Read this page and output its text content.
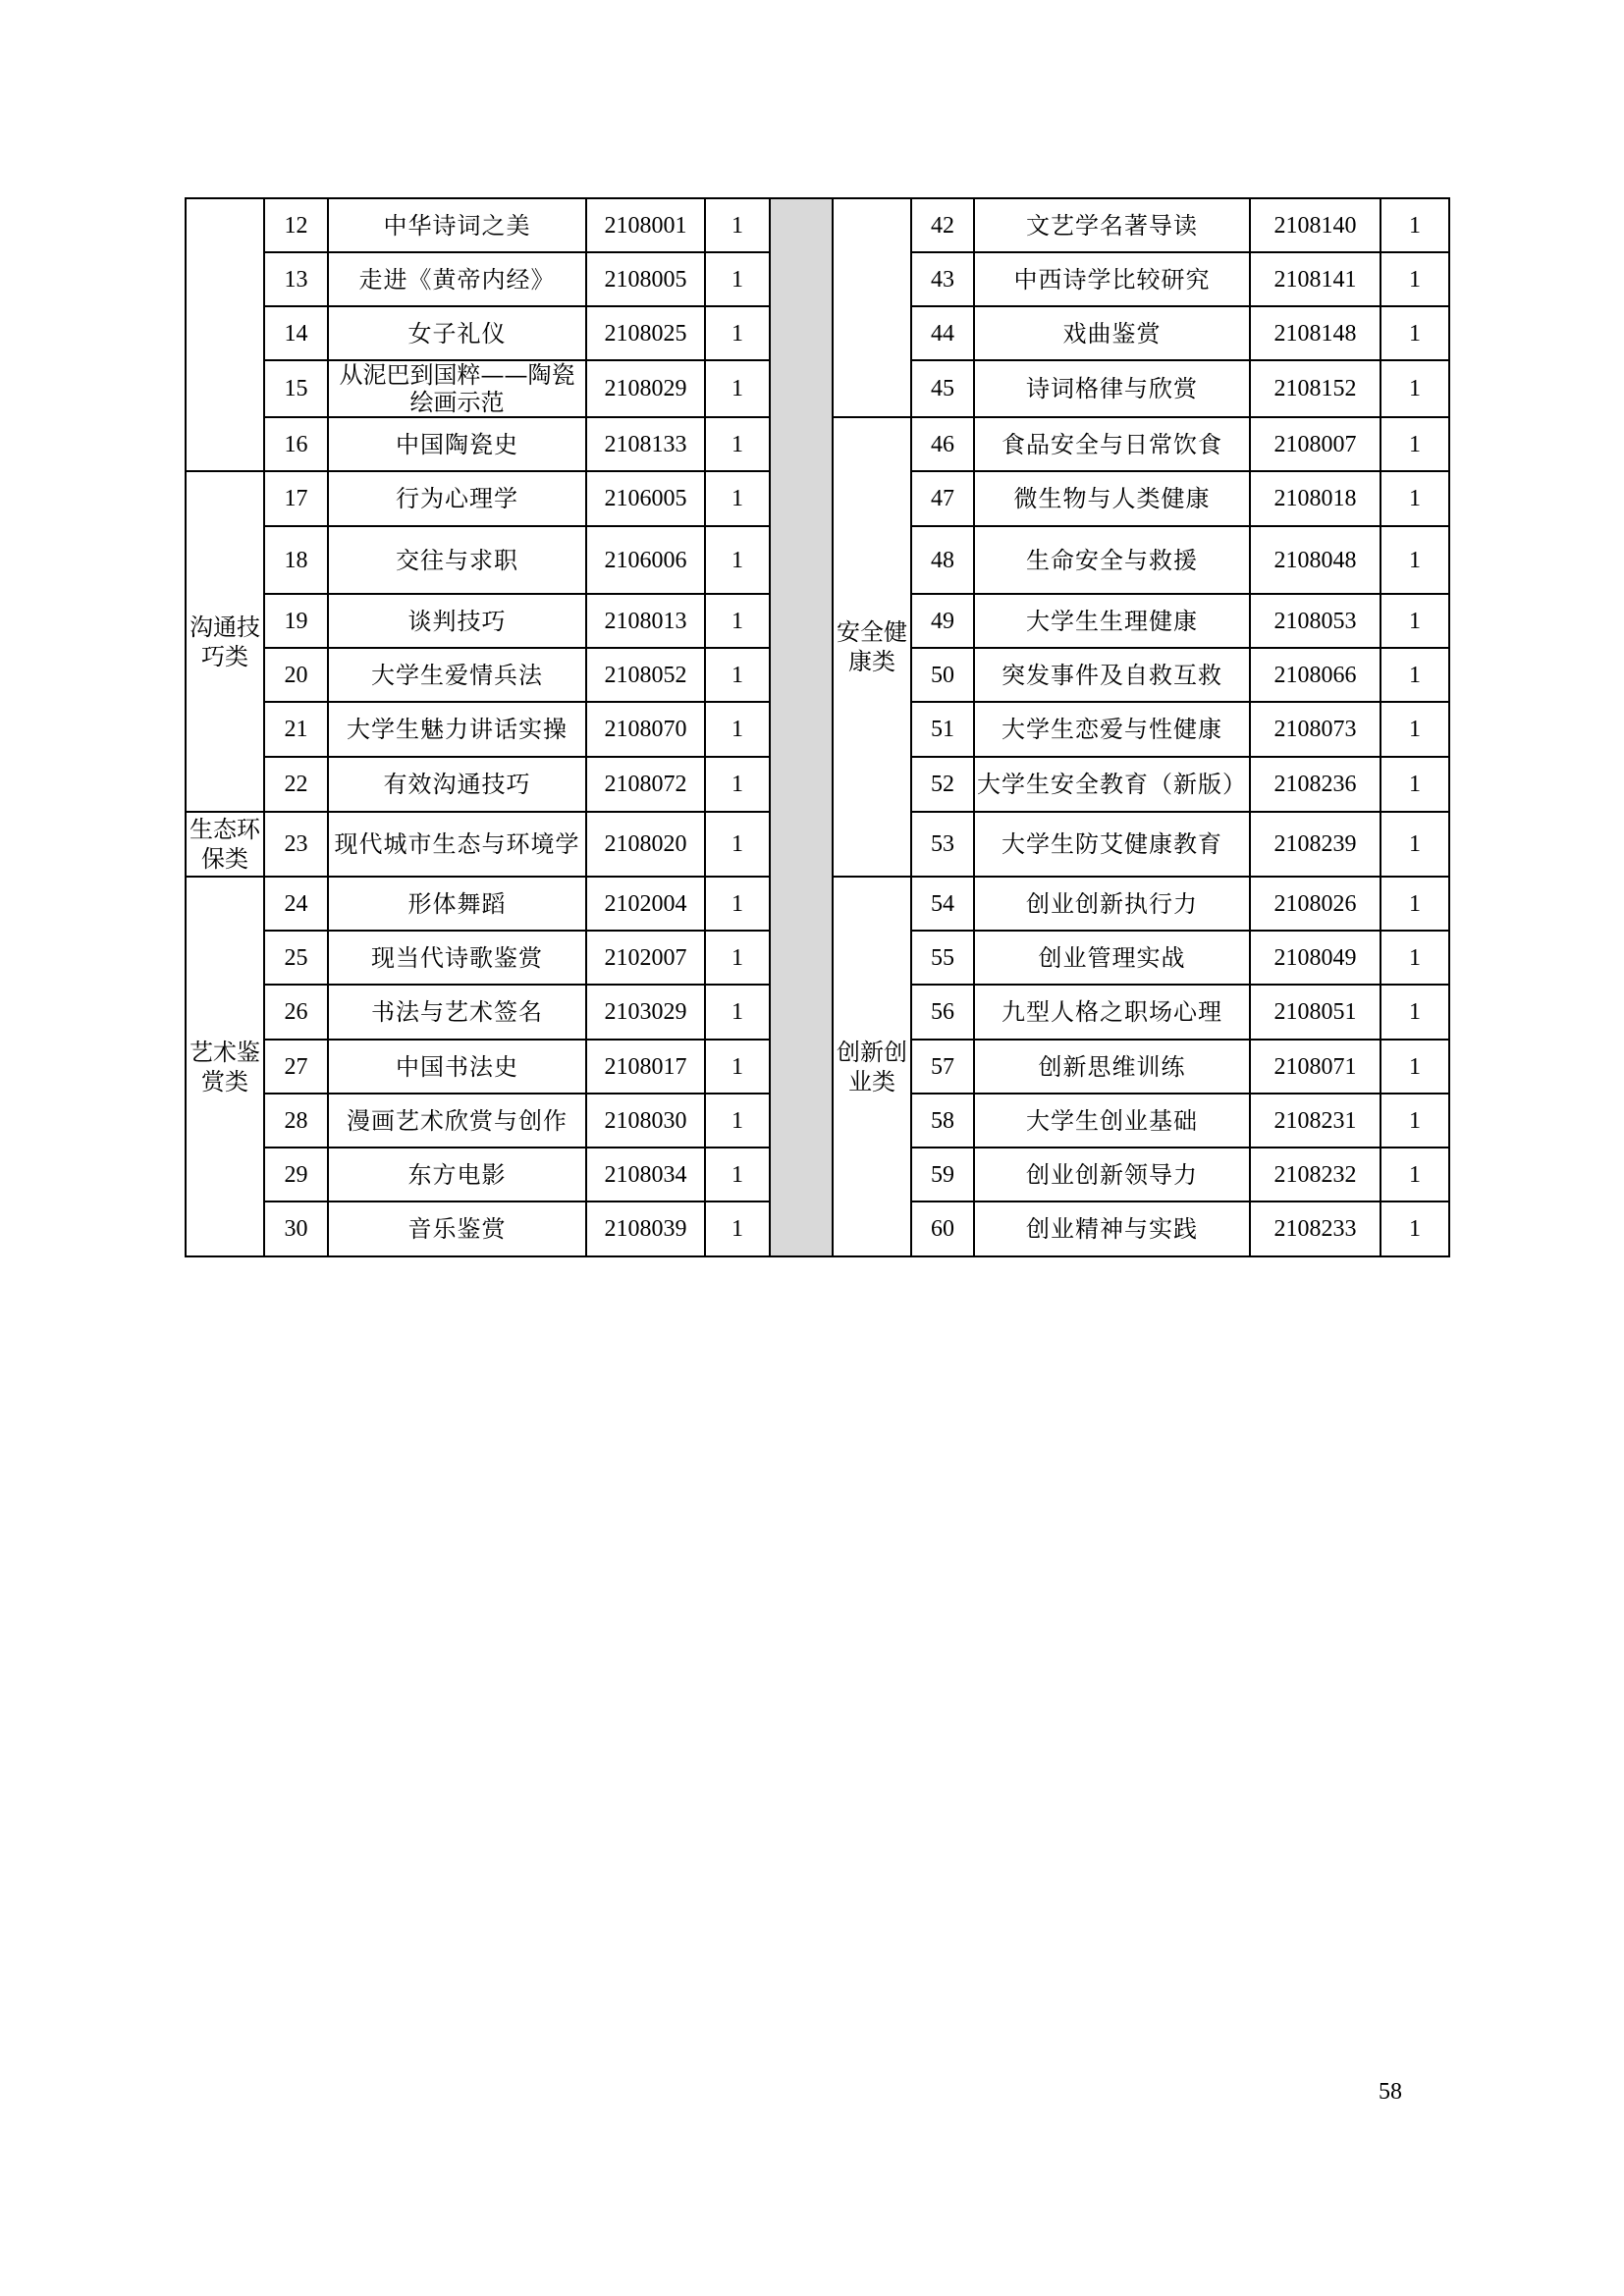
	12	中华诗词之美	2108001	1			42	文艺学名著导读	2108140	1
	13	走进《黄帝内经》	2108005	1			43	中西诗学比较研究	2108141	1
	14	女子礼仪	2108025	1			44	戏曲鉴赏	2108148	1
	15	从泥巴到国粹——陶瓷绘画示范	2108029	1			45	诗词格律与欣赏	2108152	1
	16	中国陶瓷史	2108133	1		安全健康类	46	食品安全与日常饮食	2108007	1

沟通技巧类	17	行为心理学	2106005	1			47	微生物与人类健康	2108018	1
	18	交往与求职	2106006	1			48	生命安全与救援	2108048	1
	19	谈判技巧	2108013	1			49	大学生生理健康	2108053	1
	20	大学生爱情兵法	2108052	1			50	突发事件及自救互救	2108066	1
	21	大学生魅力讲话实操	2108070	1			51	大学生恋爱与性健康	2108073	1
	22	有效沟通技巧	2108072	1			52	大学生安全教育（新版）	2108236	1

生态环保类	23	现代城市生态与环境学	2108020	1			53	大学生防艾健康教育	2108239	1

艺术鉴赏类	24	形体舞蹈	2102004	1		创新创业类	54	创业创新执行力	2108026	1
	25	现当代诗歌鉴赏	2102007	1			55	创业管理实战	2108049	1
	26	书法与艺术签名	2103029	1			56	九型人格之职场心理	2108051	1
	27	中国书法史	2108017	1			57	创新思维训练	2108071	1
	28	漫画艺术欣赏与创作	2108030	1			58	大学生创业基础	2108231	1
	29	东方电影	2108034	1			59	创业创新领导力	2108232	1
	30	音乐鉴赏	2108039	1			60	创业精神与实践	2108233	1
58
